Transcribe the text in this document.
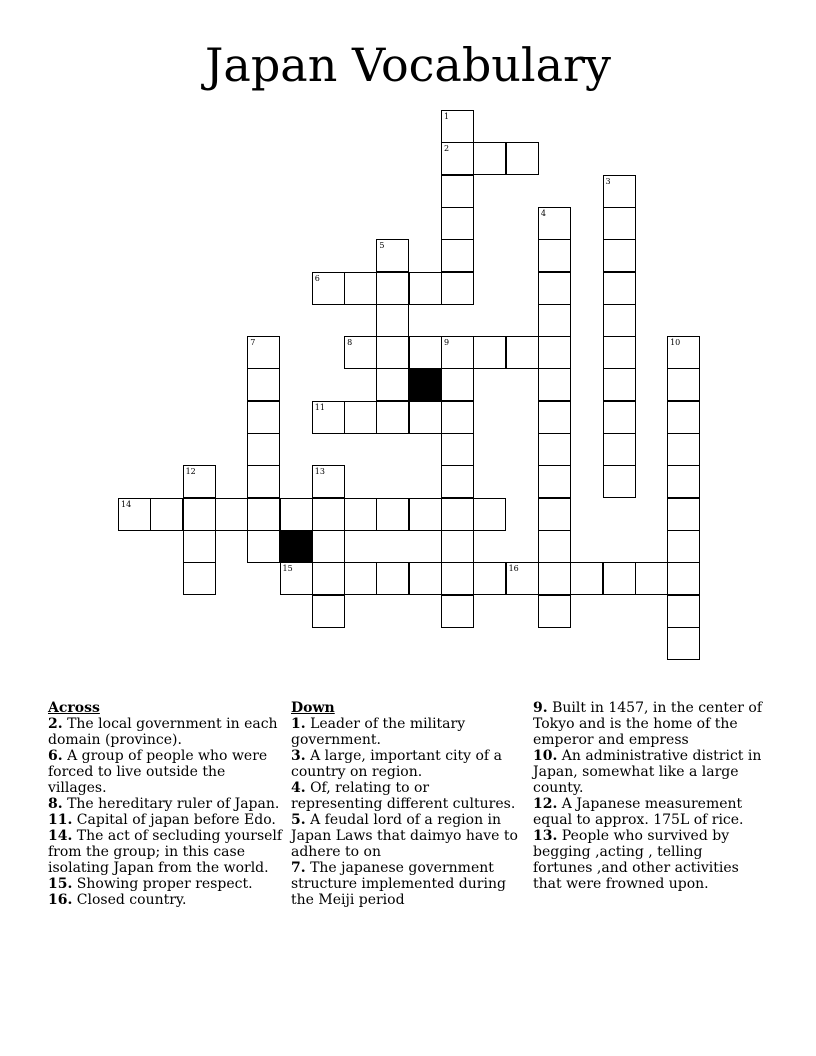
Japan Vocabulary
2
6
8	9
11
14
15	16
1
3
4
5
7	10
12	13
Across

2. The local government in each domain (province).

6. A group of people who were forced to live outside the villages.

8. The hereditary ruler of Japan.

11. Capital of japan before Edo.

14. The act of secluding yourself from the group; in this case isolating Japan from the world.

15. Showing proper respect.

16. Closed country.

Down

1. Leader of the military government.

3. A large, important city of a country on region.

4. Of, relating to or representing different cultures.

5. A feudal lord of a region in Japan Laws that daimyo have to adhere to on

7. The japanese government structure implemented during the Meiji period

9. Built in 1457, in the center of Tokyo and is the home of the emperor and empress

10. An administrative district in Japan, somewhat like a large county.

12. A Japanese measurement equal to approx. 175L of rice.

13. People who survived by begging ,acting , telling fortunes ,and other activities that were frowned upon.
